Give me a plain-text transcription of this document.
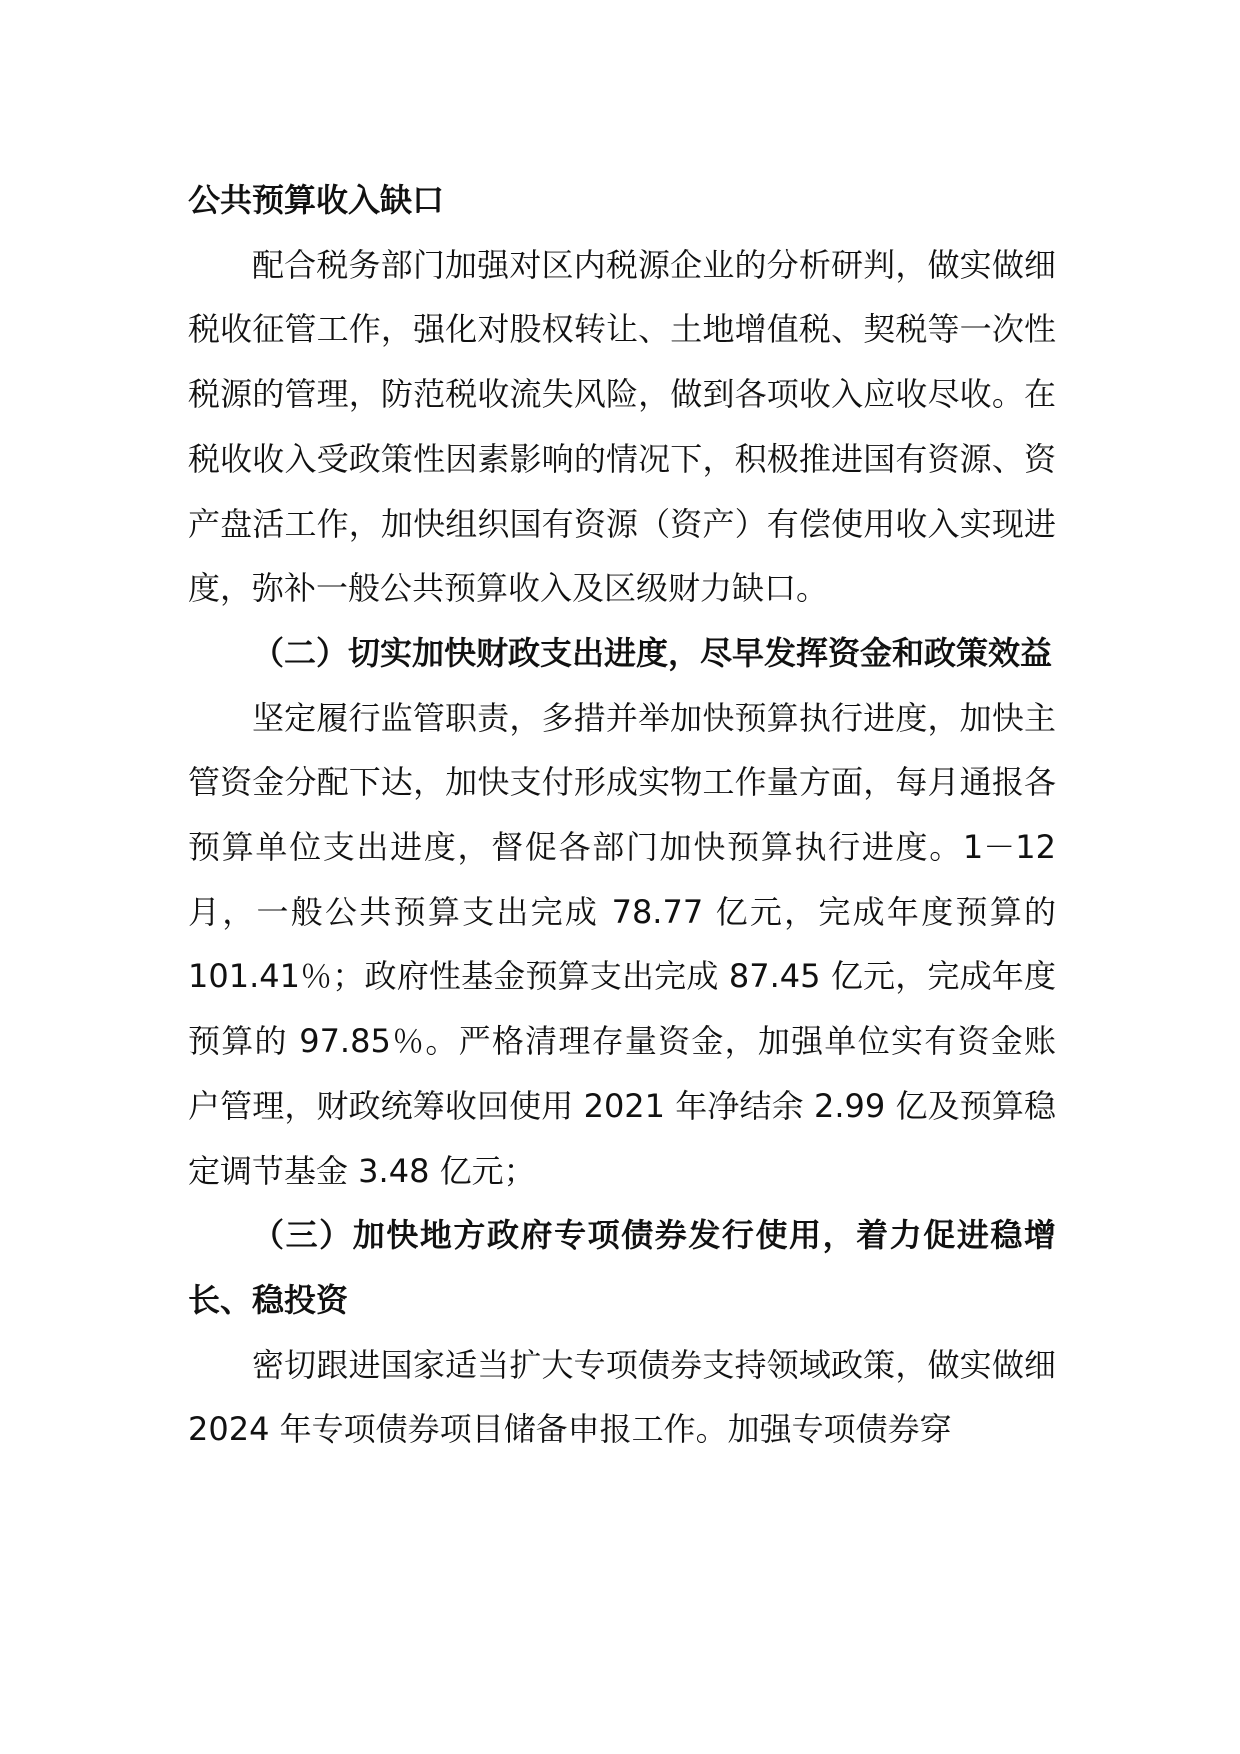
公共预算收入缺口

配合税务部门加强对区内税源企业的分析研判，做实做细税收征管工作，强化对股权转让、土地增值税、契税等一次性税源的管理，防范税收流失风险，做到各项收入应收尽收。在税收收入受政策性因素影响的情况下，积极推进国有资源、资产盘活工作，加快组织国有资源（资产）有偿使用收入实现进度，弥补一般公共预算收入及区级财力缺口。

（二）切实加快财政支出进度，尽早发挥资金和政策效益

坚定履行监管职责，多措并举加快预算执行进度，加快主管资金分配下达，加快支付形成实物工作量方面，每月通报各预算单位支出进度，督促各部门加快预算执行进度。1－12 月，一般公共预算支出完成 78.77 亿元，完成年度预算的 101.41％；政府性基金预算支出完成 87.45 亿元，完成年度预算的 97.85％。严格清理存量资金，加强单位实有资金账户管理，财政统筹收回使用 2021 年净结余 2.99 亿及预算稳定调节基金 3.48 亿元；

（三）加快地方政府专项债券发行使用，着力促进稳增长、稳投资

密切跟进国家适当扩大专项债券支持领域政策，做实做细 2024 年专项债券项目储备申报工作。加强专项债券穿
